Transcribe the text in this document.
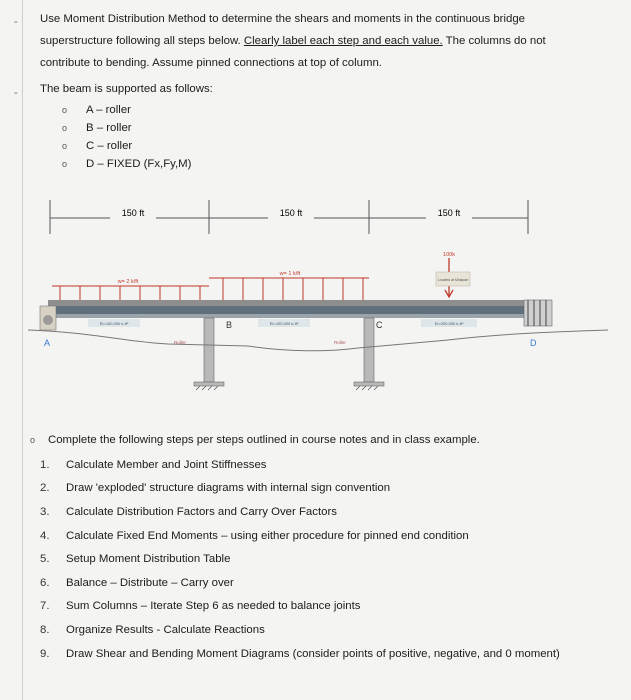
-
-
Use Moment Distribution Method to determine the shears and moments in the continuous bridge
superstructure following all steps below. Clearly label each step and each value. The columns do not
contribute to bending. Assume pinned connections at top of column.
The beam is supported as follows:
o	A – roller
o	B – roller
o	C – roller
o	D – FIXED (Fx,Fy,M)
150 ft	150 ft	150 ft
w= 2 k/ft
w= 1 k/ft
100k
Located at Midspan
EI=100,000 k-ft²	EI=100,000 k-ft²	EI=200,000 k-ft²
Roller	Roller
A
B	C
D
o	Complete the following steps per steps outlined in course notes and in class example.
1.	Calculate Member and Joint Stiffnesses
2.	Draw 'exploded' structure diagrams with internal sign convention
3.	Calculate Distribution Factors and Carry Over Factors
4.	Calculate Fixed End Moments – using either procedure for pinned end condition
5.	Setup Moment Distribution Table
6.	Balance – Distribute – Carry over
7.	Sum Columns – Iterate Step 6 as needed to balance joints
8.	Organize Results - Calculate Reactions
9.	Draw Shear and Bending Moment Diagrams (consider points of positive, negative, and 0 moment)
